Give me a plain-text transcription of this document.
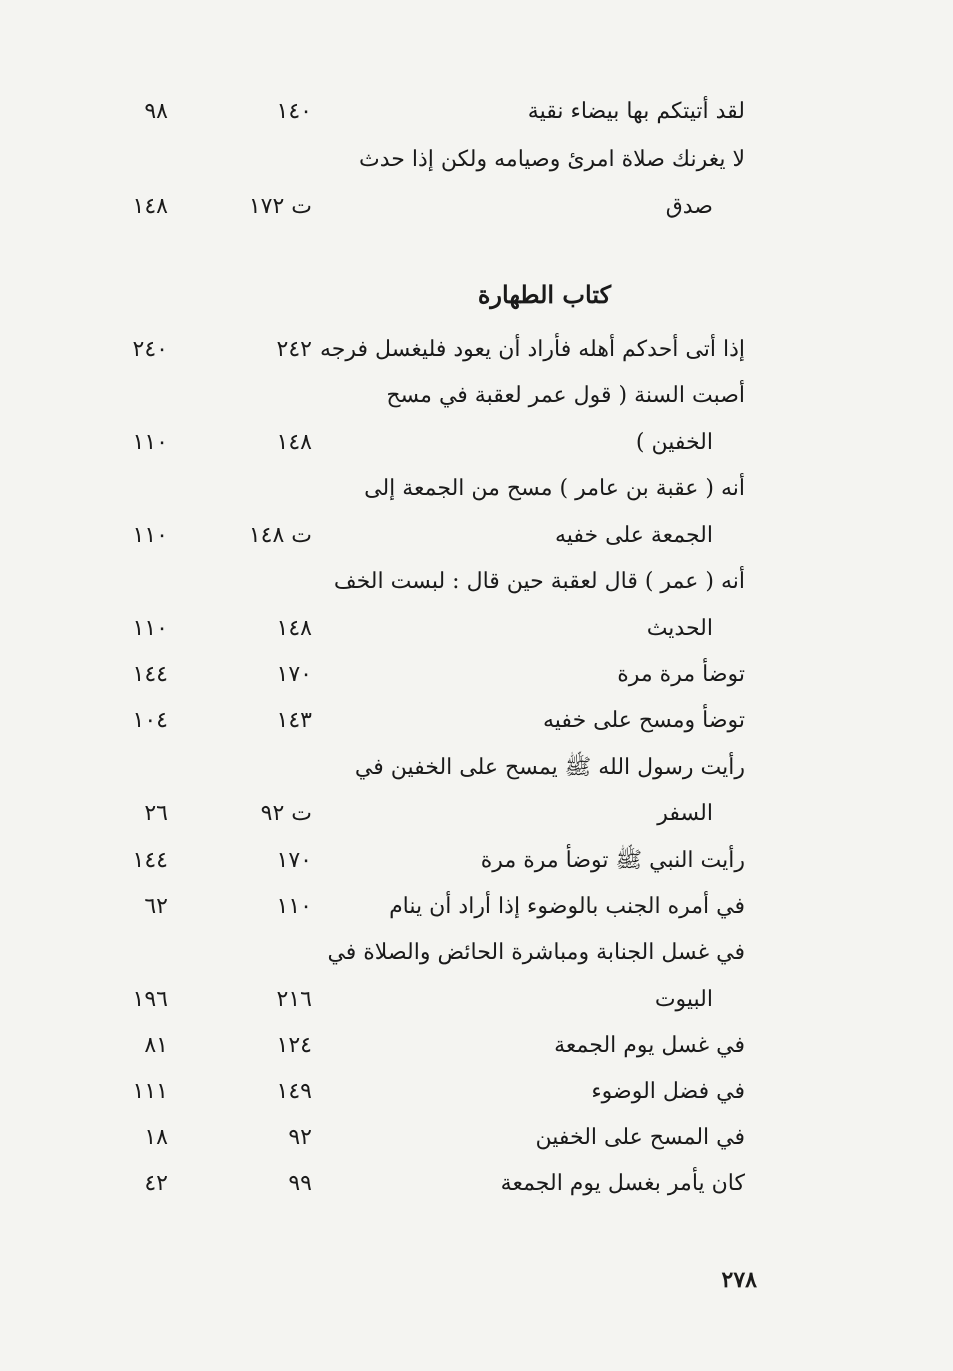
لقد أتيتكم بها بيضاء نقية
١٤٠
٩٨
لا يغرنك صلاة امرئ وصيامه ولكن إذا حدث
صدق
ت ١٧٢
١٤٨
كتاب الطهارة
إذا أتى أحدكم أهله فأراد أن يعود فليغسل فرجه
٢٤٢
٢٤٠
أصبت السنة ( قول عمر لعقبة في مسح
الخفين )
١٤٨
١١٠
أنه ( عقبة بن عامر ) مسح من الجمعة إلى
الجمعة على خفيه
ت ١٤٨
١١٠
أنه ( عمر ) قال لعقبة حين قال : لبست الخف
الحديث
١٤٨
١١٠
توضأ مرة مرة
١٧٠
١٤٤
توضأ ومسح على خفيه
١٤٣
١٠٤
رأيت رسول الله ﷺ يمسح على الخفين في
السفر
ت ٩٢
٢٦
رأيت النبي ﷺ توضأ مرة مرة
١٧٠
١٤٤
في أمره الجنب بالوضوء إذا أراد أن ينام
١١٠
٦٢
في غسل الجنابة ومباشرة الحائض والصلاة في
البيوت
٢١٦
١٩٦
في غسل يوم الجمعة
١٢٤
٨١
في فضل الوضوء
١٤٩
١١١
في المسح على الخفين
٩٢
١٨
كان يأمر بغسل يوم الجمعة
٩٩
٤٢
٢٧٨
